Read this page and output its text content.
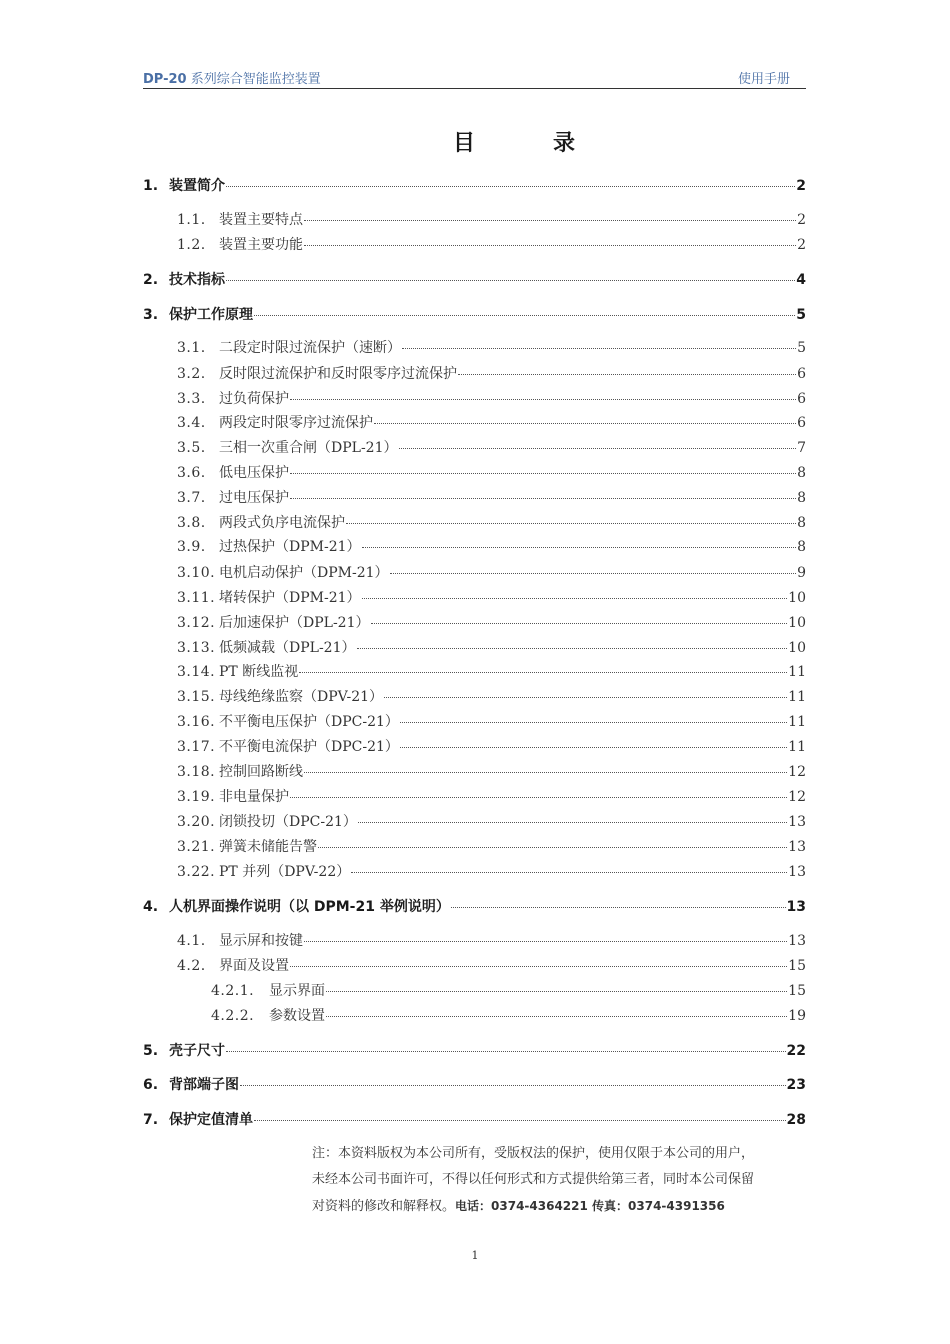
DP-20 系列综合智能监控装置	使用手册
目录
1. 装置简介	2
1.1. 装置主要特点	2
1.2. 装置主要功能	2
2. 技术指标	4
3. 保护工作原理	5
3.1. 二段定时限过流保护（速断）	5
3.2. 反时限过流保护和反时限零序过流保护	6
3.3. 过负荷保护	6
3.4. 两段定时限零序过流保护	6
3.5. 三相一次重合闸（DPL-21）	7
3.6. 低电压保护	8
3.7. 过电压保护	8
3.8. 两段式负序电流保护	8
3.9. 过热保护（DPM-21）	8
3.10. 电机启动保护（DPM-21）	9
3.11. 堵转保护（DPM-21）	10
3.12. 后加速保护（DPL-21）	10
3.13. 低频减载（DPL-21）	10
3.14. PT 断线监视	11
3.15. 母线绝缘监察（DPV-21）	11
3.16. 不平衡电压保护（DPC-21）	11
3.17. 不平衡电流保护（DPC-21）	11
3.18. 控制回路断线	12
3.19. 非电量保护	12
3.20. 闭锁投切（DPC-21）	13
3.21. 弹簧未储能告警	13
3.22. PT 并列（DPV-22）	13
4. 人机界面操作说明（以 DPM-21 举例说明）	13
4.1. 显示屏和按键	13
4.2. 界面及设置	15
4.2.1.	显示界面	15
4.2.2.	参数设置	19
5. 壳子尺寸	22
6. 背部端子图	23
7. 保护定值清单	28
注：本资料版权为本公司所有，受版权法的保护，使用仅限于本公司的用户，
未经本公司书面许可，不得以任何形式和方式提供给第三者，同时本公司保留
对资料的修改和解释权。电话：0374-4364221 传真：0374-4391356
1
